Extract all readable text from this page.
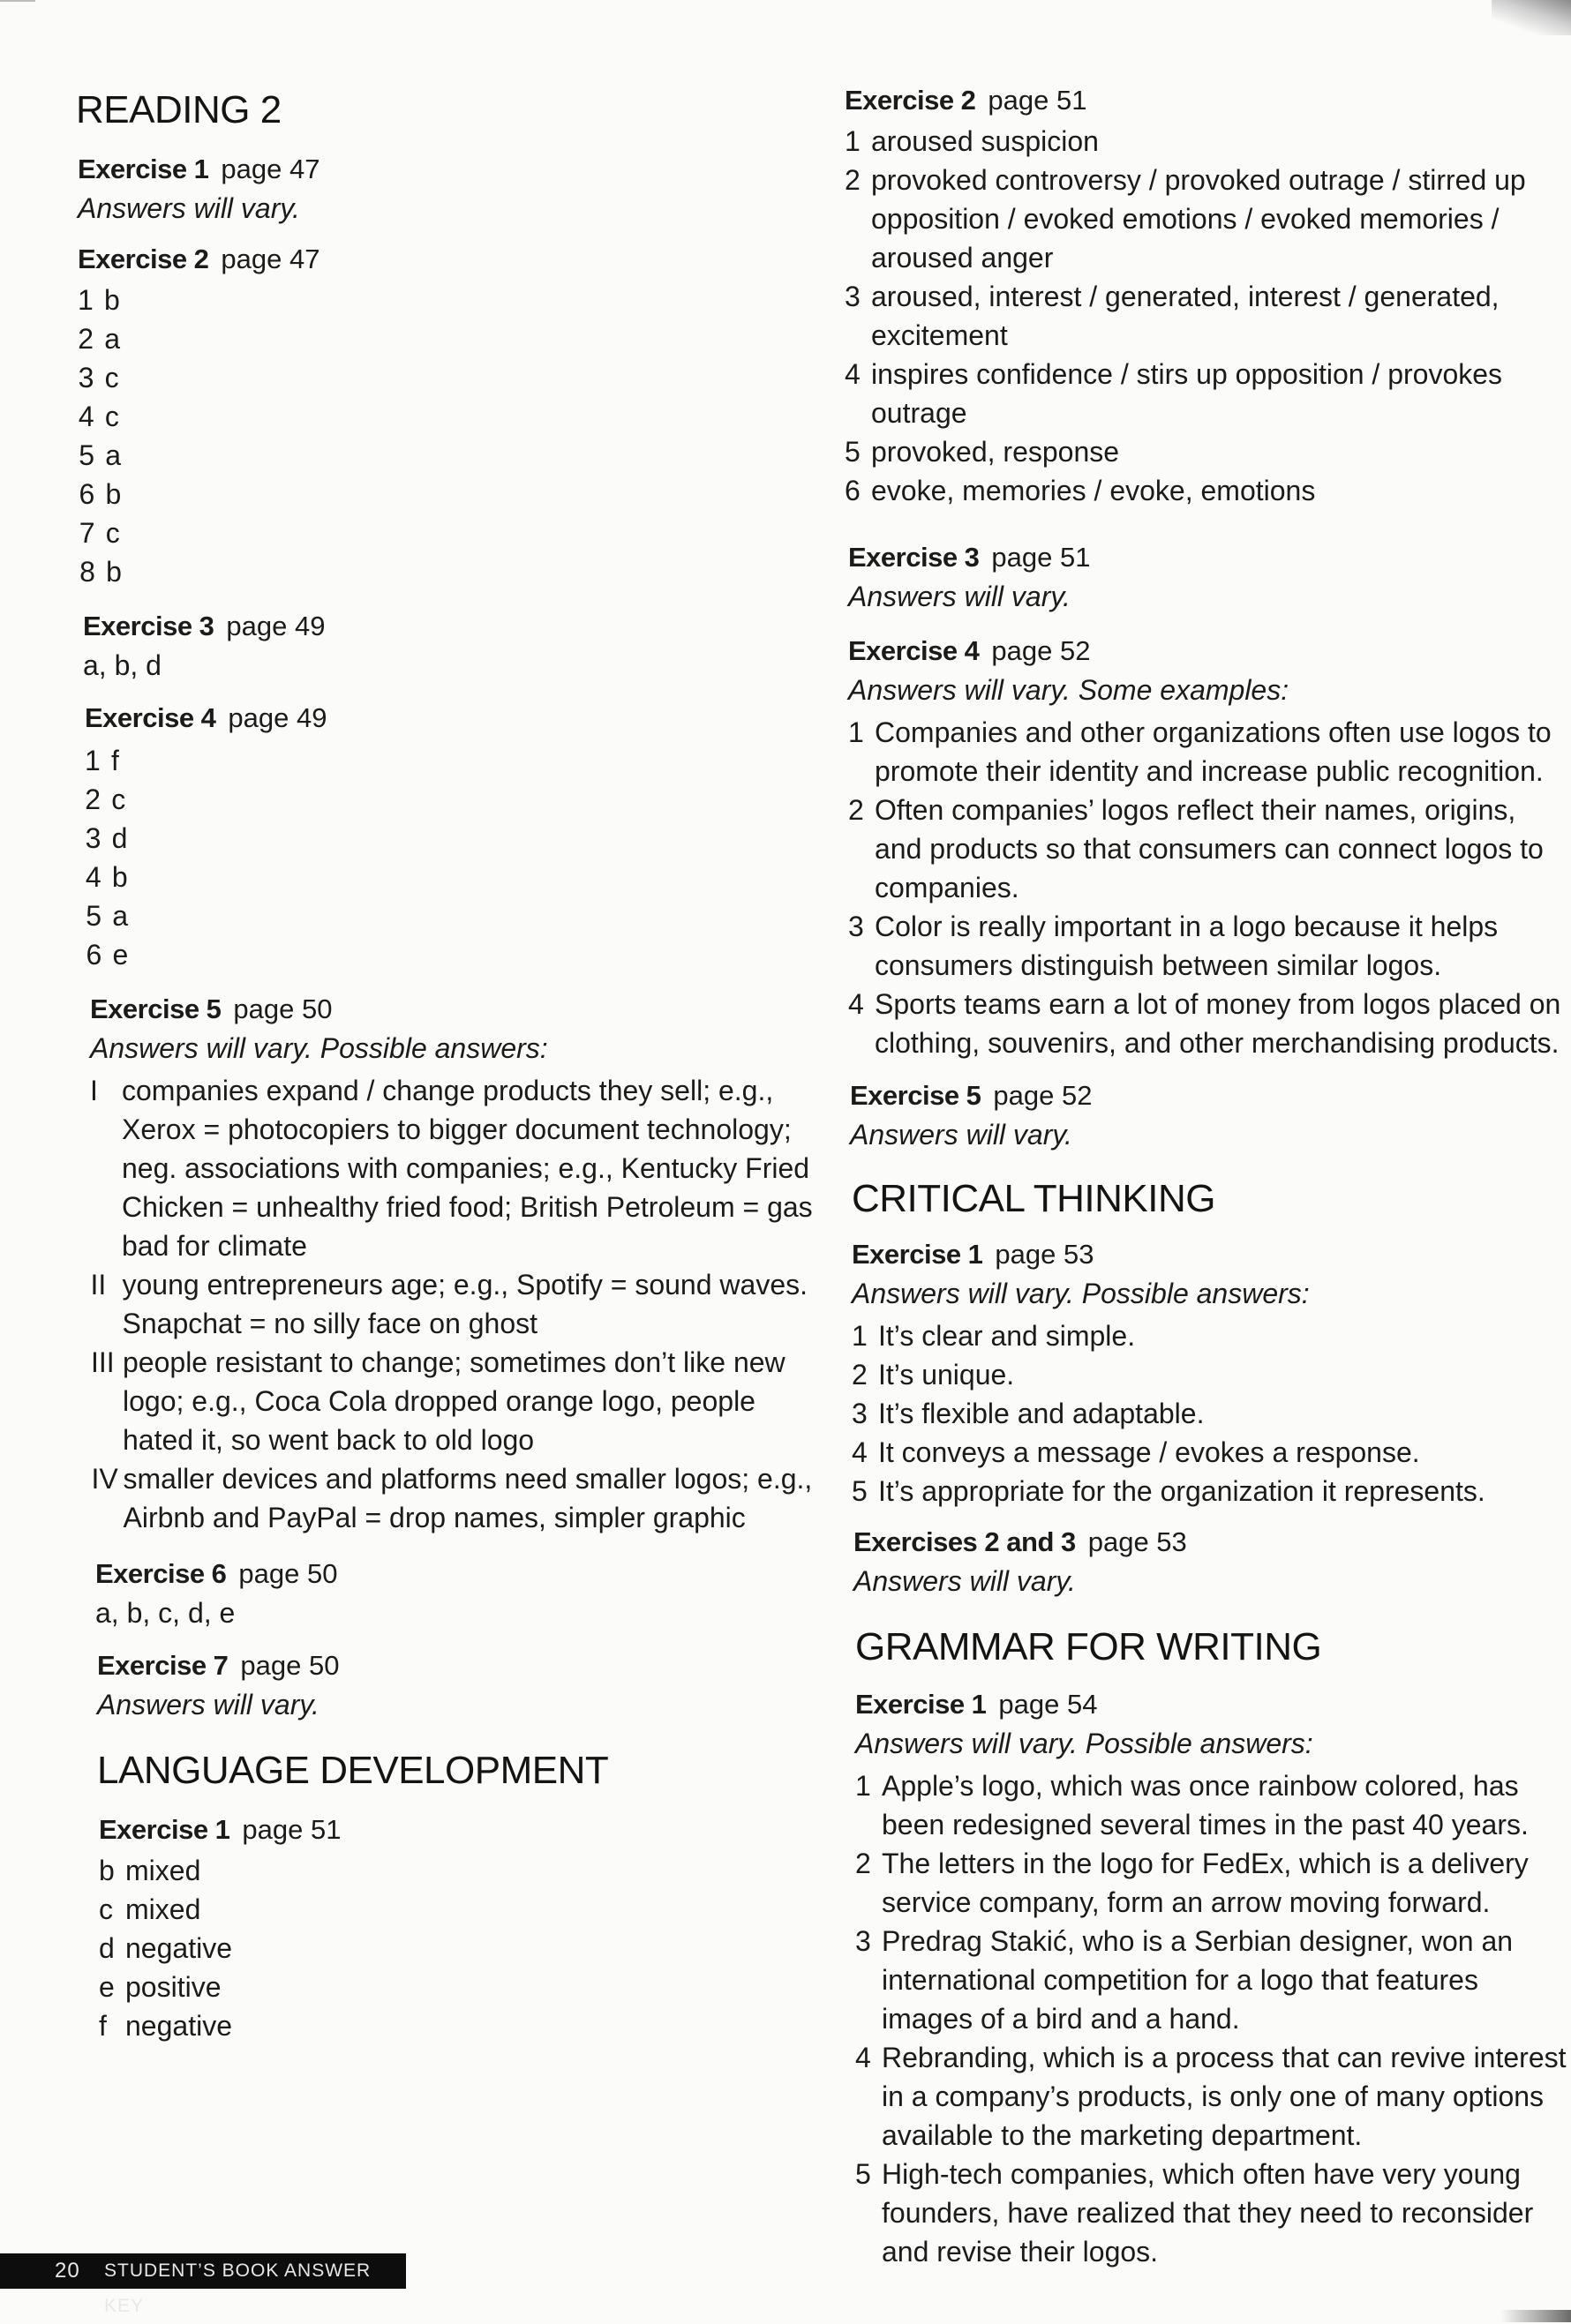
READING 2
Exercise 1 page 47
Answers will vary.
Exercise 2 page 47
1 b
2 a
3 c
4 c
5 a
6 b
7 c
8 b
Exercise 3 page 49
a, b, d
Exercise 4 page 49
1 f
2 c
3 d
4 b
5 a
6 e
Exercise 5 page 50
Answers will vary. Possible answers:
I companies expand / change products they sell; e.g.,
Xerox = photocopiers to bigger document technology;
neg. associations with companies; e.g., Kentucky Fried
Chicken = unhealthy fried food; British Petroleum = gas
bad for climate
II young entrepreneurs age; e.g., Spotify = sound waves.
Snapchat = no silly face on ghost
III people resistant to change; sometimes don’t like new
logo; e.g., Coca Cola dropped orange logo, people
hated it, so went back to old logo
IV smaller devices and platforms need smaller logos; e.g.,
Airbnb and PayPal = drop names, simpler graphic
Exercise 6 page 50
a, b, c, d, e
Exercise 7 page 50
Answers will vary.
LANGUAGE DEVELOPMENT
Exercise 1 page 51
b mixed
c mixed
d negative
e positive
f negative
Exercise 2 page 51
1 aroused suspicion
2 provoked controversy / provoked outrage / stirred up
opposition / evoked emotions / evoked memories /
aroused anger
3 aroused, interest / generated, interest / generated,
excitement
4 inspires confidence / stirs up opposition / provokes
outrage
5 provoked, response
6 evoke, memories / evoke, emotions
Exercise 3 page 51
Answers will vary.
Exercise 4 page 52
Answers will vary. Some examples:
1 Companies and other organizations often use logos to
promote their identity and increase public recognition.
2 Often companies’ logos reflect their names, origins,
and products so that consumers can connect logos to
companies.
3 Color is really important in a logo because it helps
consumers distinguish between similar logos.
4 Sports teams earn a lot of money from logos placed on
clothing, souvenirs, and other merchandising products.
Exercise 5 page 52
Answers will vary.
CRITICAL THINKING
Exercise 1 page 53
Answers will vary. Possible answers:
1 It’s clear and simple.
2 It’s unique.
3 It’s flexible and adaptable.
4 It conveys a message / evokes a response.
5 It’s appropriate for the organization it represents.
Exercises 2 and 3 page 53
Answers will vary.
GRAMMAR FOR WRITING
Exercise 1 page 54
Answers will vary. Possible answers:
1 Apple’s logo, which was once rainbow colored, has
been redesigned several times in the past 40 years.
2 The letters in the logo for FedEx, which is a delivery
service company, form an arrow moving forward.
3 Predrag Stakić, who is a Serbian designer, won an
international competition for a logo that features
images of a bird and a hand.
4 Rebranding, which is a process that can revive interest
in a company’s products, is only one of many options
available to the marketing department.
5 High-tech companies, which often have very young
founders, have realized that they need to reconsider
and revise their logos.
20 STUDENT’S BOOK ANSWER KEY
